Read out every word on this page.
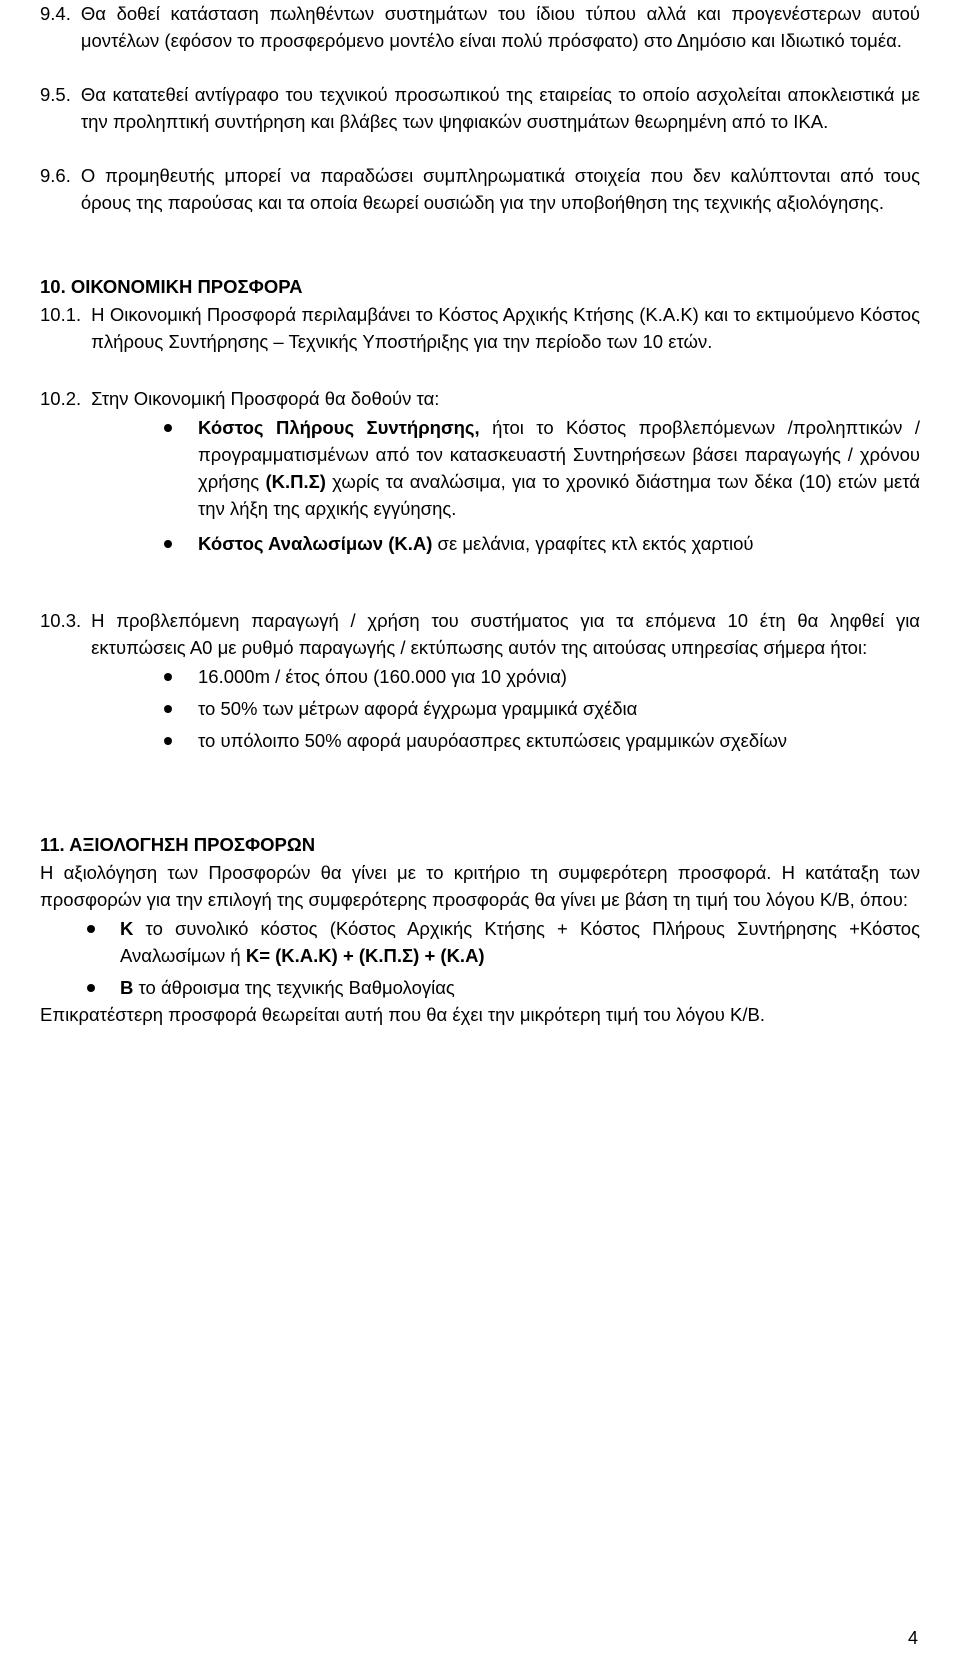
9.4. Θα δοθεί κατάσταση πωληθέντων συστημάτων του ίδιου τύπου αλλά και προγενέστερων αυτού μοντέλων (εφόσον το προσφερόμενο μοντέλο είναι πολύ πρόσφατο) στο Δημόσιο και Ιδιωτικό τομέα.
9.5. Θα κατατεθεί αντίγραφο του τεχνικού προσωπικού της εταιρείας το οποίο ασχολείται αποκλειστικά με την προληπτική συντήρηση και βλάβες των ψηφιακών συστημάτων θεωρημένη από το ΙΚΑ.
9.6. Ο προμηθευτής μπορεί να παραδώσει συμπληρωματικά στοιχεία που δεν καλύπτονται από τους όρους της παρούσας και τα οποία θεωρεί ουσιώδη για την υποβοήθηση της τεχνικής αξιολόγησης.
10. ΟΙΚΟΝΟΜΙΚΗ ΠΡΟΣΦΟΡΑ
10.1. Η Οικονομική Προσφορά περιλαμβάνει το Κόστος Αρχικής Κτήσης (Κ.Α.Κ) και το εκτιμούμενο Κόστος πλήρους Συντήρησης – Τεχνικής Υποστήριξης για την περίοδο των 10 ετών.
10.2. Στην Οικονομική Προσφορά θα δοθούν τα:
Κόστος Πλήρους Συντήρησης, ήτοι το Κόστος προβλεπόμενων /προληπτικών / προγραμματισμένων από τον κατασκευαστή Συντηρήσεων βάσει παραγωγής / χρόνου χρήσης (Κ.Π.Σ) χωρίς τα αναλώσιμα, για το χρονικό διάστημα των δέκα (10) ετών μετά την λήξη της αρχικής εγγύησης.
Κόστος Αναλωσίμων (Κ.Α) σε μελάνια, γραφίτες κτλ εκτός χαρτιού
10.3. Η προβλεπόμενη παραγωγή / χρήση του συστήματος για τα επόμενα 10 έτη θα ληφθεί για εκτυπώσεις Α0 με ρυθμό παραγωγής / εκτύπωσης αυτόν της αιτούσας υπηρεσίας σήμερα ήτοι:
16.000m / έτος όπου (160.000 για 10 χρόνια)
το 50% των μέτρων αφορά έγχρωμα γραμμικά σχέδια
το υπόλοιπο 50% αφορά μαυρόασπρες εκτυπώσεις γραμμικών σχεδίων
11. ΑΞΙΟΛΟΓΗΣΗ ΠΡΟΣΦΟΡΩΝ

Η αξιολόγηση των Προσφορών θα γίνει με το κριτήριο τη συμφερότερη προσφορά. Η κατάταξη των προσφορών για την επιλογή της συμφερότερης προσφοράς θα γίνει με βάση τη τιμή του λόγου Κ/Β, όπου:

Κ το συνολικό κόστος (Κόστος Αρχικής Κτήσης + Κόστος Πλήρους Συντήρησης +Κόστος Αναλωσίμων ή Κ= (Κ.Α.Κ) + (Κ.Π.Σ) + (Κ.Α)
Β το άθροισμα της τεχνικής Βαθμολογίας

Επικρατέστερη προσφορά θεωρείται αυτή που θα έχει την μικρότερη τιμή του λόγου Κ/Β.

4
